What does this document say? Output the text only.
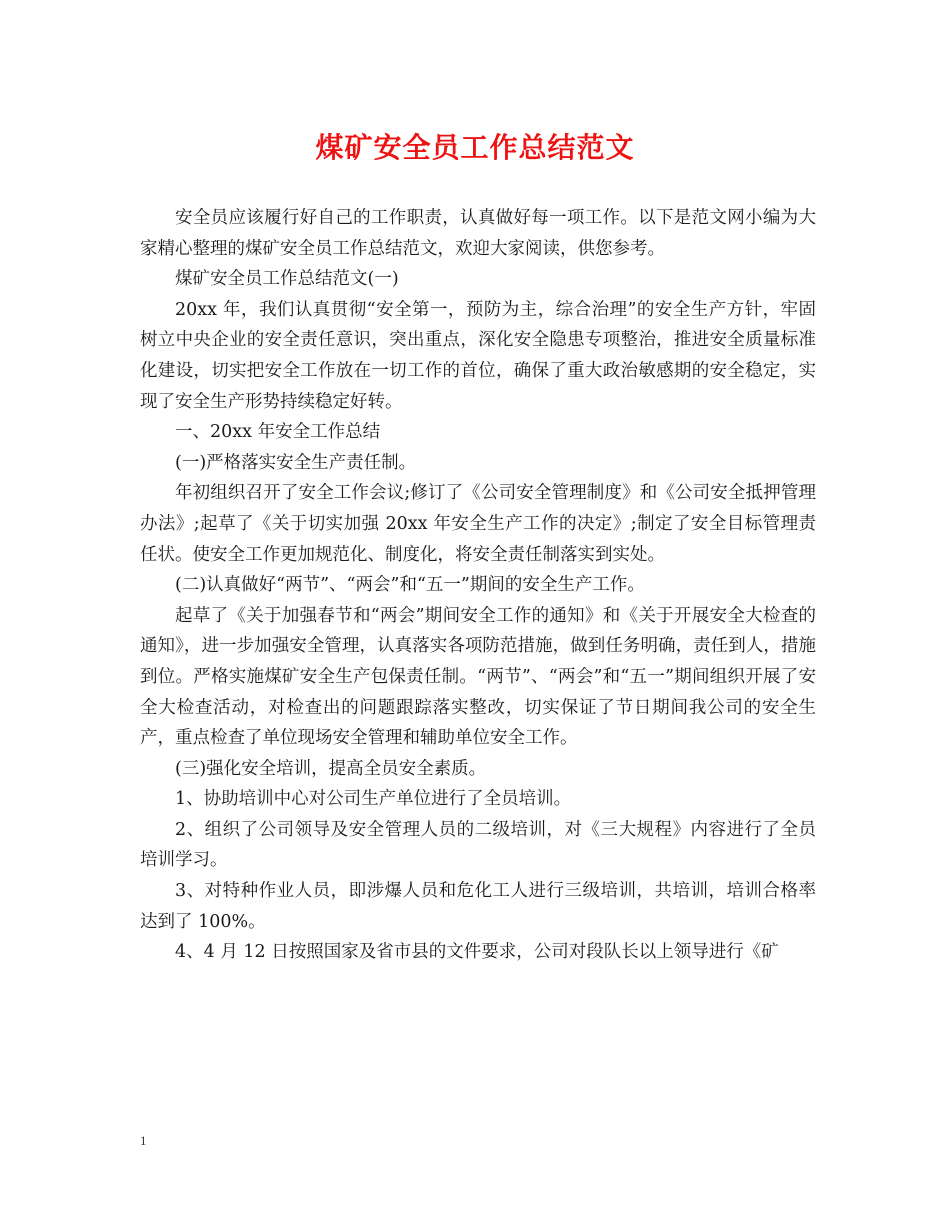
煤矿安全员工作总结范文

安全员应该履行好自己的工作职责，认真做好每一项工作。以下是范文网小编为大家精心整理的煤矿安全员工作总结范文，欢迎大家阅读，供您参考。

煤矿安全员工作总结范文(一)

20xx 年，我们认真贯彻“安全第一，预防为主，综合治理”的安全生产方针，牢固树立中央企业的安全责任意识，突出重点，深化安全隐患专项整治，推进安全质量标准化建设，切实把安全工作放在一切工作的首位，确保了重大政治敏感期的安全稳定，实现了安全生产形势持续稳定好转。

一、20xx 年安全工作总结

(一)严格落实安全生产责任制。

年初组织召开了安全工作会议;修订了《公司安全管理制度》和《公司安全抵押管理办法》;起草了《关于切实加强 20xx 年安全生产工作的决定》;制定了安全目标管理责任状。使安全工作更加规范化、制度化，将安全责任制落实到实处。

(二)认真做好“两节”、“两会”和“五一”期间的安全生产工作。

起草了《关于加强春节和“两会”期间安全工作的通知》和《关于开展安全大检查的通知》，进一步加强安全管理，认真落实各项防范措施，做到任务明确，责任到人，措施到位。严格实施煤矿安全生产包保责任制。“两节”、“两会”和“五一”期间组织开展了安全大检查活动，对检查出的问题跟踪落实整改，切实保证了节日期间我公司的安全生产，重点检查了单位现场安全管理和辅助单位安全工作。

(三)强化安全培训，提高全员安全素质。

1、协助培训中心对公司生产单位进行了全员培训。

2、组织了公司领导及安全管理人员的二级培训，对《三大规程》内容进行了全员培训学习。

3、对特种作业人员，即涉爆人员和危化工人进行三级培训，共培训，培训合格率达到了 100%。

4、4 月 12 日按照国家及省市县的文件要求，公司对段队长以上领导进行《矿

1
